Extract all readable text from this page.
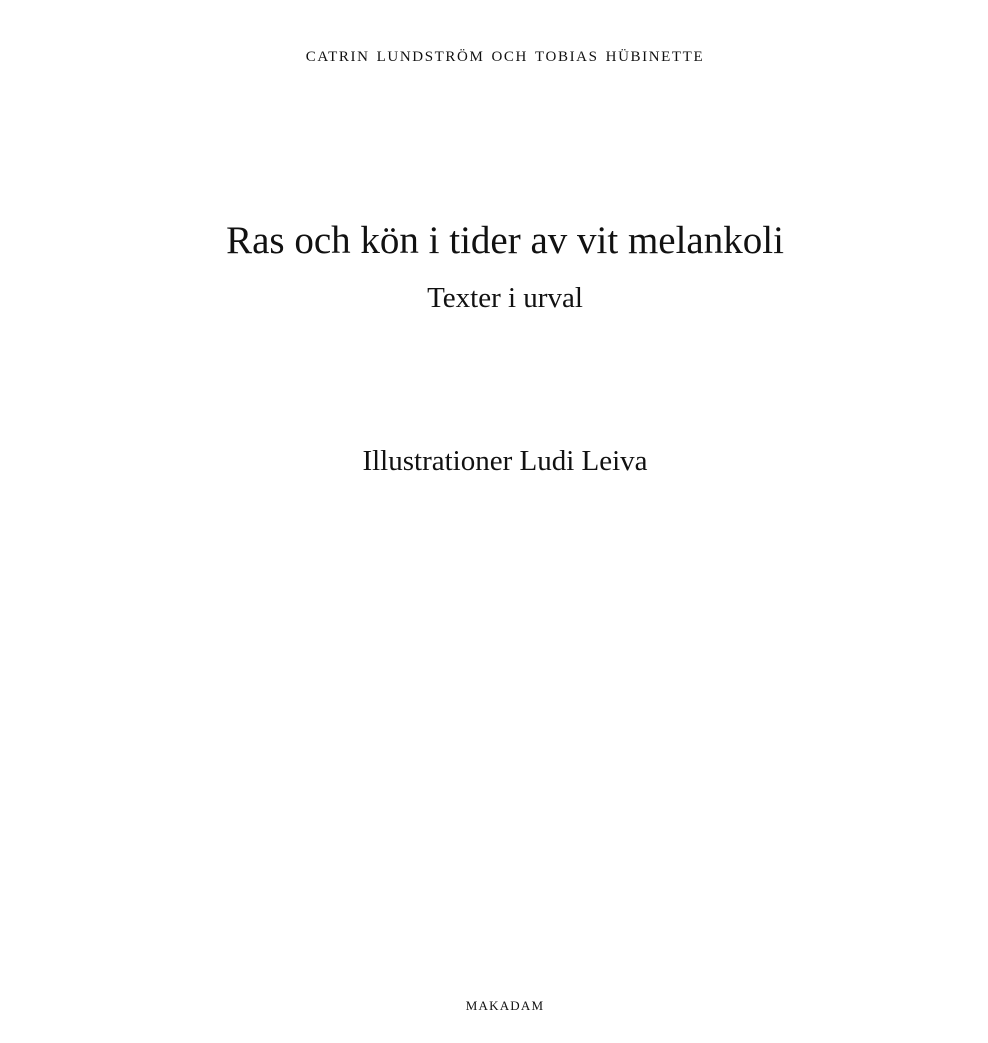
catrin lundström och tobias hübinette

Ras och kön i tider av vit melankoli

Texter i urval

Illustrationer Ludi Leiva

makadam
